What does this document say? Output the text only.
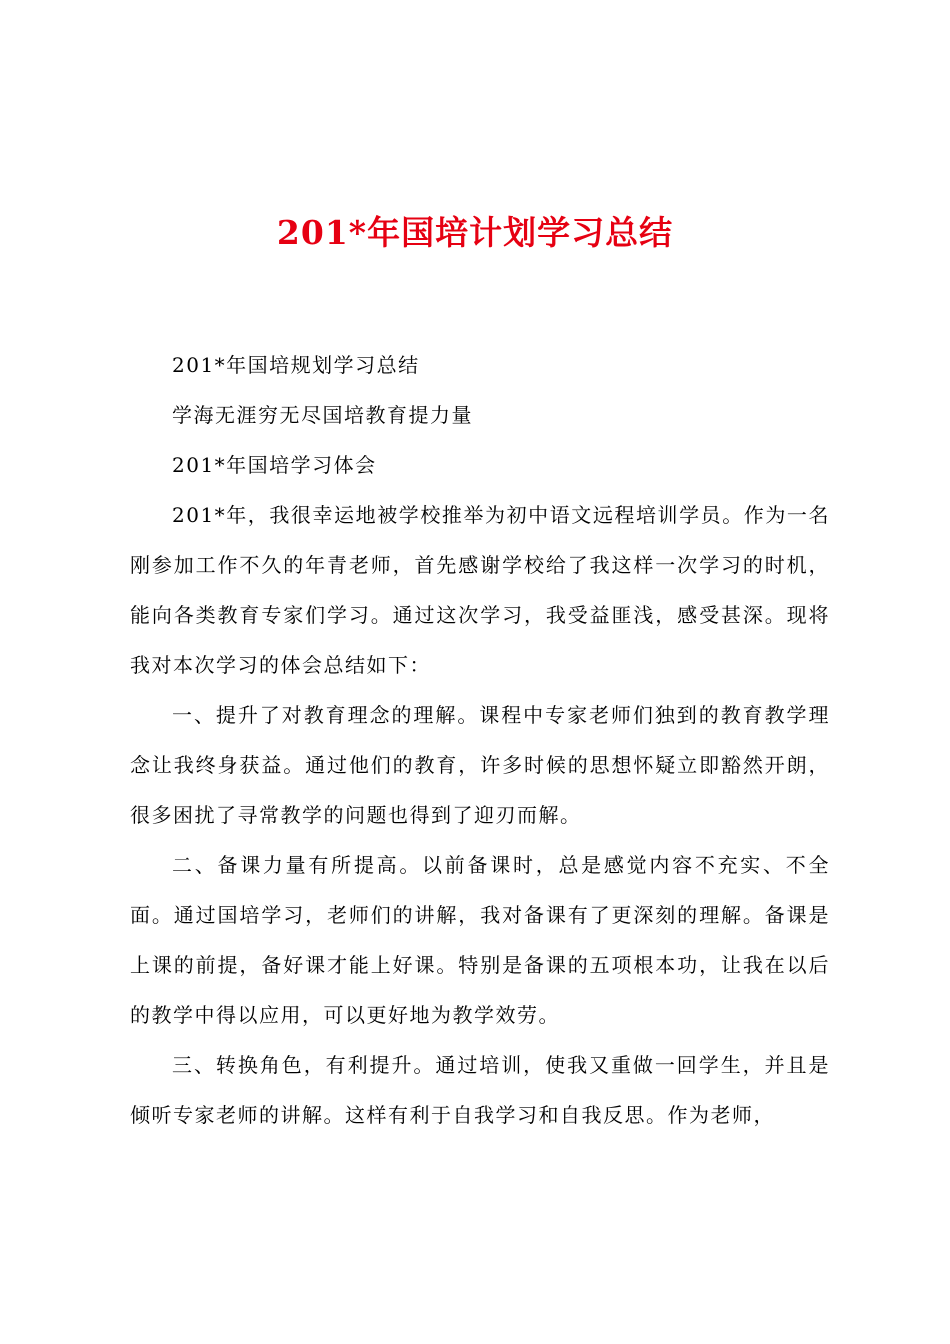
201*年国培计划学习总结

201*年国培规划学习总结

学海无涯穷无尽国培教育提力量

201*年国培学习体会

201*年，我很幸运地被学校推举为初中语文远程培训学员。作为一名刚参加工作不久的年青老师，首先感谢学校给了我这样一次学习的时机，能向各类教育专家们学习。通过这次学习，我受益匪浅，感受甚深。现将我对本次学习的体会总结如下：

一、提升了对教育理念的理解。课程中专家老师们独到的教育教学理念让我终身获益。通过他们的教育，许多时候的思想怀疑立即豁然开朗，很多困扰了寻常教学的问题也得到了迎刃而解。

二、备课力量有所提高。以前备课时，总是感觉内容不充实、不全面。通过国培学习，老师们的讲解，我对备课有了更深刻的理解。备课是上课的前提，备好课才能上好课。特别是备课的五项根本功，让我在以后的教学中得以应用，可以更好地为教学效劳。

三、转换角色，有利提升。通过培训，使我又重做一回学生，并且是倾听专家老师的讲解。这样有利于自我学习和自我反思。作为老师，
